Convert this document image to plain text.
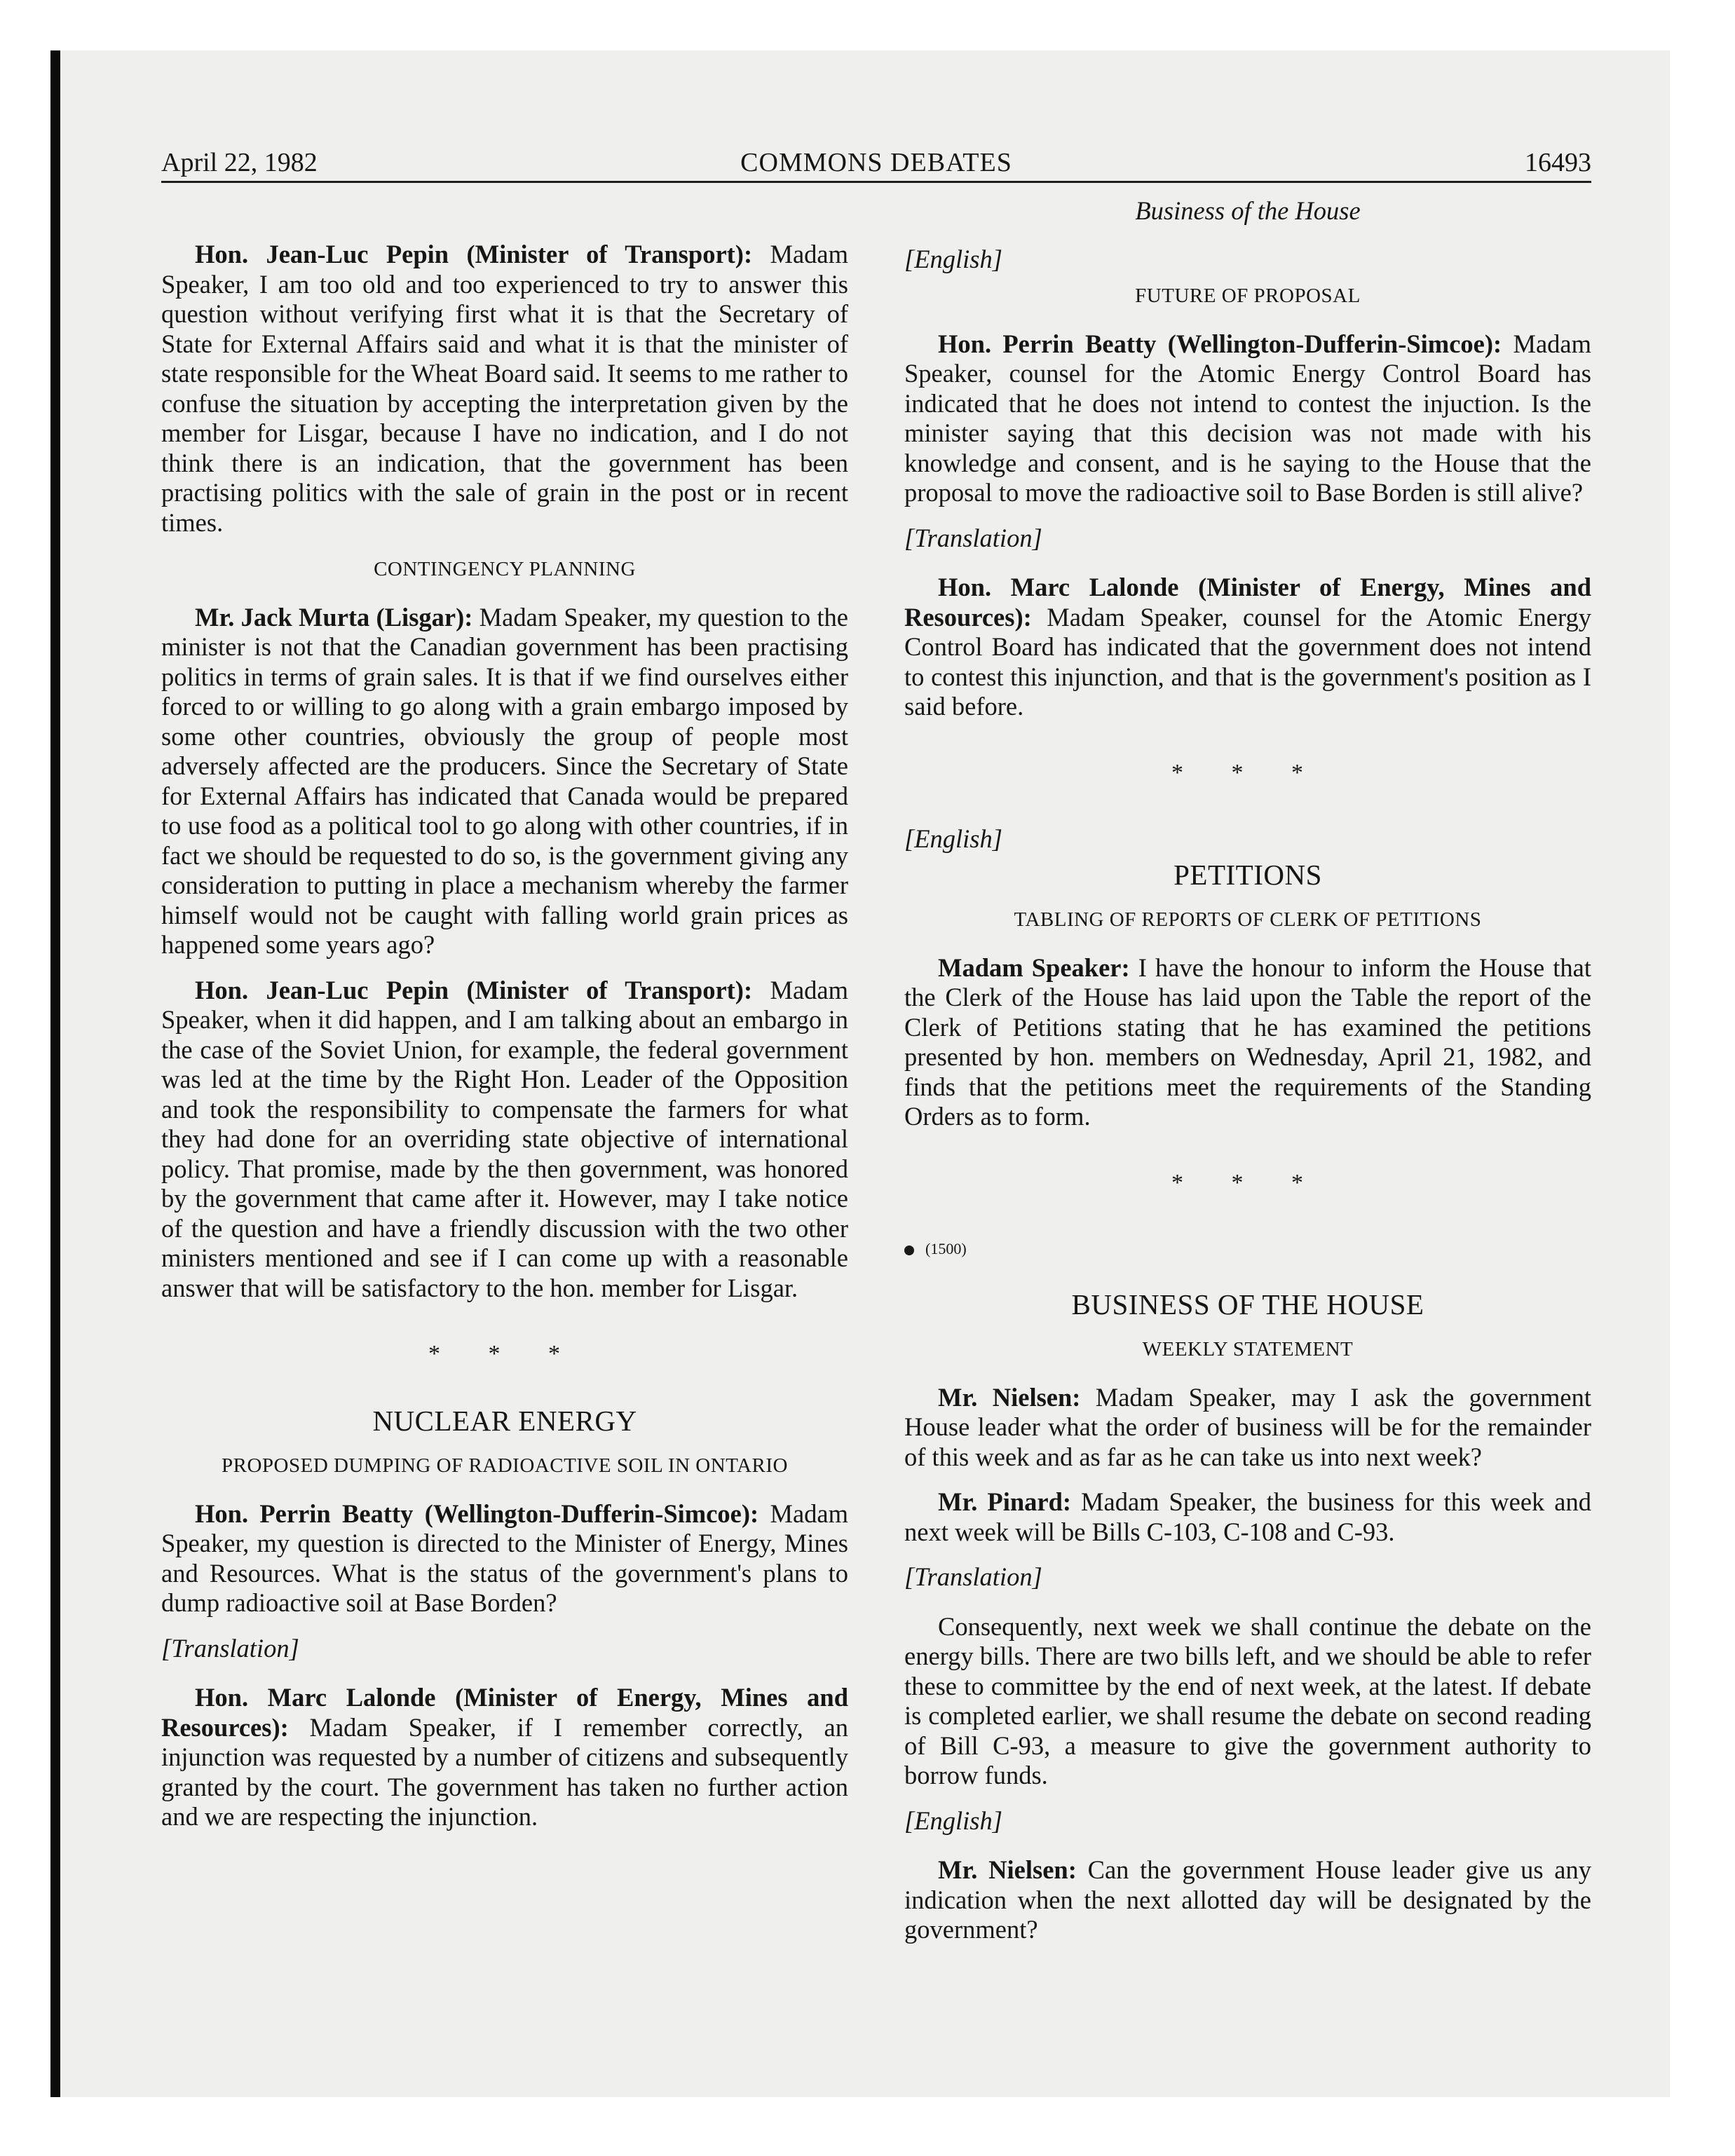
April 22, 1982	COMMONS DEBATES	16493

Hon. Jean-Luc Pepin (Minister of Transport): Madam Speaker, I am too old and too experienced to try to answer this question without verifying first what it is that the Secretary of State for External Affairs said and what it is that the minister of state responsible for the Wheat Board said. It seems to me rather to confuse the situation by accepting the interpretation given by the member for Lisgar, because I have no indication, and I do not think there is an indication, that the government has been practising politics with the sale of grain in the post or in recent times.

CONTINGENCY PLANNING

Mr. Jack Murta (Lisgar): Madam Speaker, my question to the minister is not that the Canadian government has been practising politics in terms of grain sales. It is that if we find ourselves either forced to or willing to go along with a grain embargo imposed by some other countries, obviously the group of people most adversely affected are the producers. Since the Secretary of State for External Affairs has indicated that Canada would be prepared to use food as a political tool to go along with other countries, if in fact we should be requested to do so, is the government giving any consideration to putting in place a mechanism whereby the farmer himself would not be caught with falling world grain prices as happened some years ago?

Hon. Jean-Luc Pepin (Minister of Transport): Madam Speaker, when it did happen, and I am talking about an embargo in the case of the Soviet Union, for example, the federal government was led at the time by the Right Hon. Leader of the Opposition and took the responsibility to compensate the farmers for what they had done for an overriding state objective of international policy. That promise, made by the then government, was honored by the government that came after it. However, may I take notice of the question and have a friendly discussion with the two other ministers mentioned and see if I can come up with a reasonable answer that will be satisfactory to the hon. member for Lisgar.

* * *
NUCLEAR ENERGY
PROPOSED DUMPING OF RADIOACTIVE SOIL IN ONTARIO

Hon. Perrin Beatty (Wellington-Dufferin-Simcoe): Madam Speaker, my question is directed to the Minister of Energy, Mines and Resources. What is the status of the government's plans to dump radioactive soil at Base Borden?

[Translation]

Hon. Marc Lalonde (Minister of Energy, Mines and Resources): Madam Speaker, if I remember correctly, an injunction was requested by a number of citizens and subsequently granted by the court. The government has taken no further action and we are respecting the injunction.

Business of the House
[English]
FUTURE OF PROPOSAL

Hon. Perrin Beatty (Wellington-Dufferin-Simcoe): Madam Speaker, counsel for the Atomic Energy Control Board has indicated that he does not intend to contest the injuction. Is the minister saying that this decision was not made with his knowledge and consent, and is he saying to the House that the proposal to move the radioactive soil to Base Borden is still alive?

[Translation]

Hon. Marc Lalonde (Minister of Energy, Mines and Resources): Madam Speaker, counsel for the Atomic Energy Control Board has indicated that the government does not intend to contest this injunction, and that is the government's position as I said before.

* * *
[English]
PETITIONS
TABLING OF REPORTS OF CLERK OF PETITIONS

Madam Speaker: I have the honour to inform the House that the Clerk of the House has laid upon the Table the report of the Clerk of Petitions stating that he has examined the petitions presented by hon. members on Wednesday, April 21, 1982, and finds that the petitions meet the requirements of the Standing Orders as to form.

* * *
(1500)
BUSINESS OF THE HOUSE
WEEKLY STATEMENT

Mr. Nielsen: Madam Speaker, may I ask the government House leader what the order of business will be for the remainder of this week and as far as he can take us into next week?

Mr. Pinard: Madam Speaker, the business for this week and next week will be Bills C-103, C-108 and C-93.

[Translation]

Consequently, next week we shall continue the debate on the energy bills. There are two bills left, and we should be able to refer these to committee by the end of next week, at the latest. If debate is completed earlier, we shall resume the debate on second reading of Bill C-93, a measure to give the government authority to borrow funds.

[English]

Mr. Nielsen: Can the government House leader give us any indication when the next allotted day will be designated by the government?
